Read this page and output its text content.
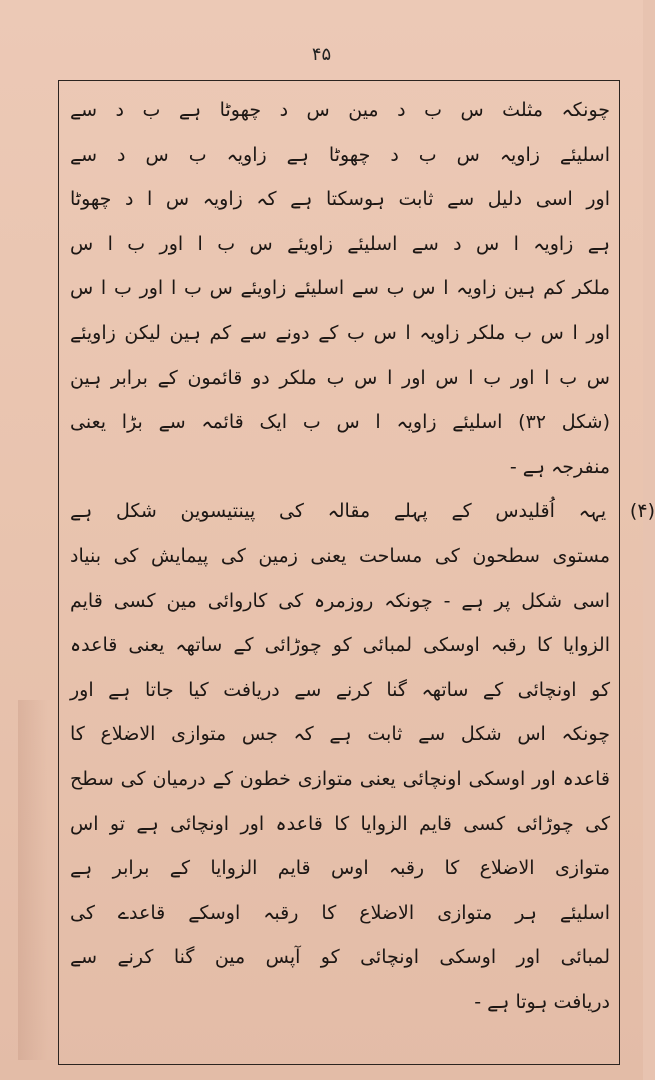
۴۵
چونکہ مثلث س ب د مین س د چھوٹا ہے ب د سے
اسلیئے زاویہ س ب د چھوٹا ہے زاویہ ب س د سے
اور اسی دلیل سے ثابت ہوسکتا ہے کہ زاویہ س ا د چھوٹا
ہے زاویہ ا س د سے اسلیئے زاویئے س ب ا اور ب ا س
ملکر کم ہین زاویہ ا س ب سے اسلیئے زاویئے س ب ا اور ب ا س
اور ا س ب ملکر زاویہ ا س ب کے دونے سے کم ہین لیکن زاویئے
س ب ا اور ب ا س اور ا س ب ملکر دو قائمون کے برابر ہین
(شکل ۳۲) اسلیئے زاویہ ا س ب ایک قائمہ سے بڑا یعنی
منفرجہ ہے -
(۴) یہہ اُقلیدس کے پہلے مقالہ کی پینتیسوین شکل ہے
مستوی سطحون کی مساحت یعنی زمین کی پیمایش کی بنیاد
اسی شکل پر ہے - چونکہ روزمرہ کی کاروائی مین کسی قایم
الزوایا کا رقبہ اوسکی لمبائی کو چوڑائی کے ساتھہ یعنی قاعدہ
کو اونچائی کے ساتھہ گنا کرنے سے دریافت کیا جاتا ہے اور
چونکہ اس شکل سے ثابت ہے کہ جس متوازی الاضلاع کا
قاعدہ اور اوسکی اونچائی یعنی متوازی خطون کے درمیان کی سطح
کی چوڑائی کسی قایم الزوایا کا قاعدہ اور اونچائی ہے تو اس
متوازی الاضلاع کا رقبہ اوس قایم الزوایا کے برابر ہے
اسلیئے ہر متوازی الاضلاع کا رقبہ اوسکے قاعدے کی
لمبائی اور اوسکی اونچائی کو آپس مین گنا کرنے سے
دریافت ہوتا ہے -
